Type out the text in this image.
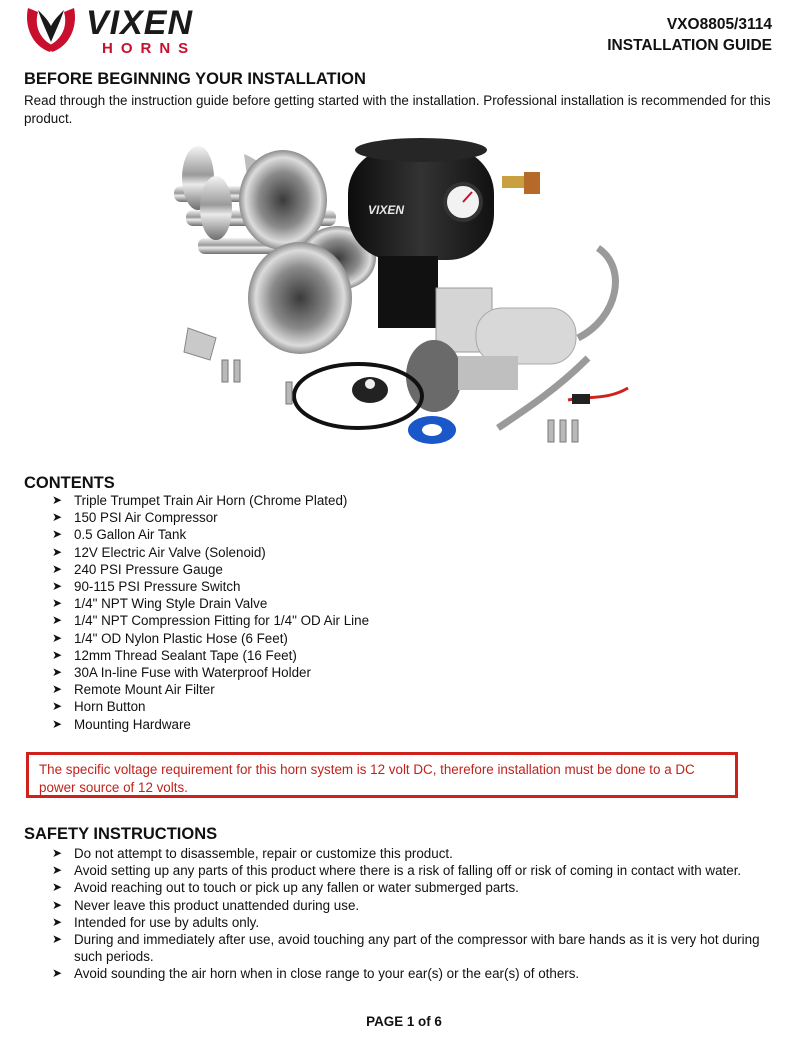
VIXEN
HORNS
VXO8805/3114
INSTALLATION GUIDE
BEFORE BEGINNING YOUR INSTALLATION

Read through the instruction guide before getting started with the installation. Professional installation is recommended for this product.

VIXEN
CONTENTS
➤ Triple Trumpet Train Air Horn (Chrome Plated)
➤ 150 PSI Air Compressor
➤ 0.5 Gallon Air Tank
➤ 12V Electric Air Valve (Solenoid)
➤ 240 PSI Pressure Gauge
➤ 90-115 PSI Pressure Switch
➤ 1/4" NPT Wing Style Drain Valve
➤ 1/4" NPT Compression Fitting for 1/4" OD Air Line
➤ 1/4" OD Nylon Plastic Hose (6 Feet)
➤ 12mm Thread Sealant Tape (16 Feet)
➤ 30A In-line Fuse with Waterproof Holder
➤ Remote Mount Air Filter
➤ Horn Button
➤ Mounting Hardware
The specific voltage requirement for this horn system is 12 volt DC, therefore installation must be done to a DC power source of 12 volts.
SAFETY INSTRUCTIONS
➤ Do not attempt to disassemble, repair or customize this product.
➤ Avoid setting up any parts of this product where there is a risk of falling off or risk of coming in contact with water.
➤ Avoid reaching out to touch or pick up any fallen or water submerged parts.
➤ Never leave this product unattended during use.
➤ Intended for use by adults only.
➤ During and immediately after use, avoid touching any part of the compressor with bare hands as it is very hot during such periods.
➤ Avoid sounding the air horn when in close range to your ear(s) or the ear(s) of others.
PAGE 1 of 6
